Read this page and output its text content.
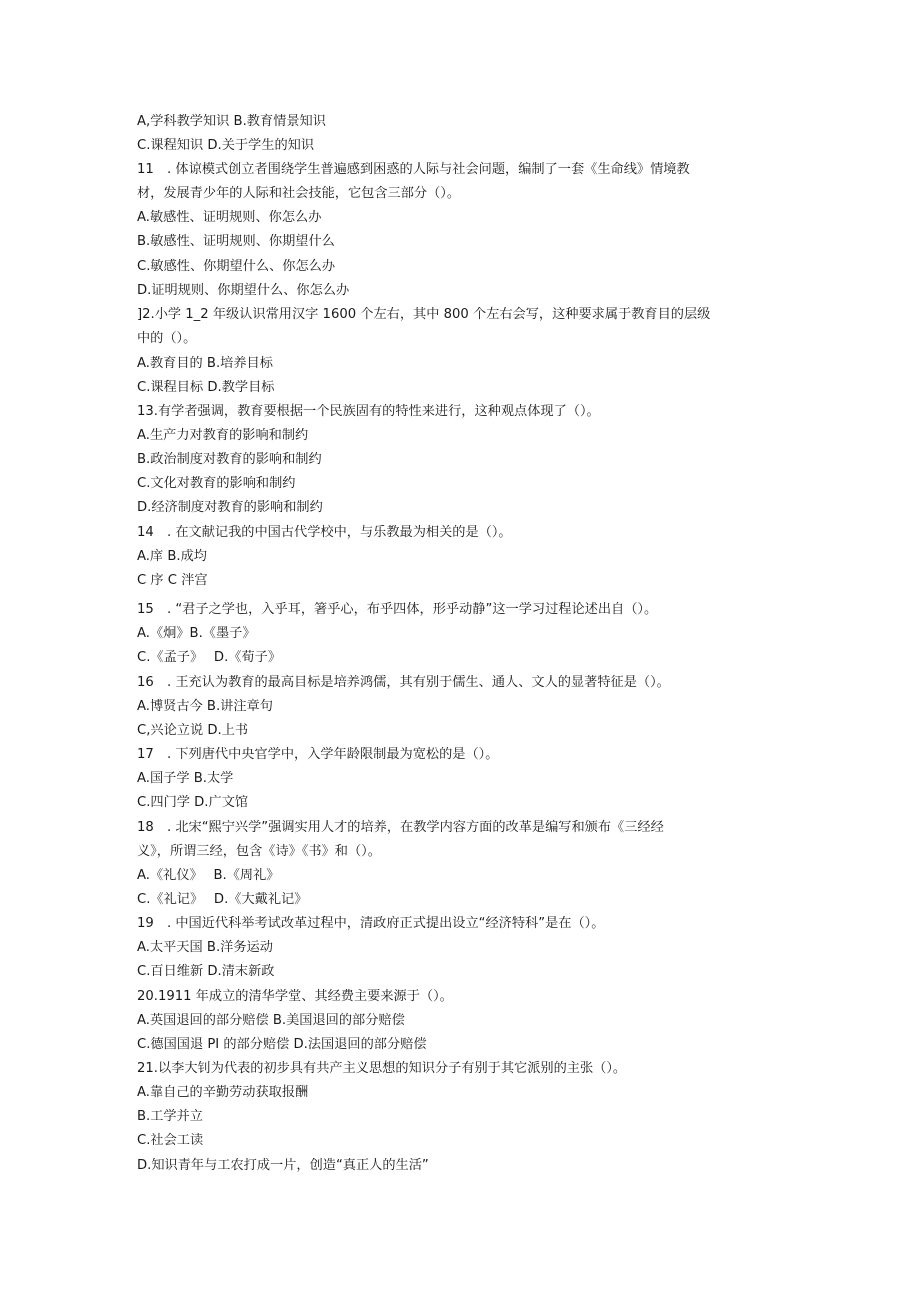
A,学科教学知识 B.教育情景知识
C.课程知识 D.关于学生的知识
11　. 体谅模式创立者围绕学生普遍感到困惑的人际与社会问题，编制了一套《生命线》情境教
材，发展青少年的人际和社会技能，它包含三部分（）。
A.敏感性、证明规则、你怎么办
B.敏感性、证明规则、你期望什么
C.敏感性、你期望什么、你怎么办
D.证明规则、你期望什么、你怎么办
]2.小学 1_2 年级认识常用汉字 1600 个左右，其中 800 个左右会写，这种要求属于教育目的层级
中的（）。
A.教育目的 B.培养目标
C.课程目标 D.教学目标
13.有学者强调，教育要根据一个民族固有的特性来进行，这种观点体现了（）。
A.生产力对教育的影响和制约
B.政治制度对教育的影响和制约
C.文化对教育的影响和制约
D.经济制度对教育的影响和制约
14　. 在文献记我的中国古代学校中，与乐教最为相关的是（）。
A.庠 B.成均
C 序 C 泮宫
15　. “君子之学也，入乎耳，箸乎心，布乎四体，形乎动静”这一学习过程论述出自（）。
A.《炯》B.《墨子》
C.《孟子》　 D.《荀子》
16　. 王充认为教育的最高目标是培养鸿儒，其有别于儒生、通人、文人的显著特征是（）。
A.博贤古今 B.讲注章句
C,兴论立说 D.上书
17　. 下列唐代中央官学中，入学年龄限制最为宽松的是（）。
A.国子学 B.太学
C.四门学 D.广文馆
18　. 北宋“熙宁兴学”强调实用人才的培养，在教学内容方面的改革是编写和颁布《三经经
义》，所谓三经，包含《诗》《书》和（）。
A.《礼仪》　 B.《周礼》
C.《礼记》　 D.《大戴礼记》
19　. 中国近代科举考试改革过程中，清政府正式提出设立“经济特科”是在（）。
A.太平天国 B.洋务运动
C.百日维新 D.清末新政
20.1911 年成立的清华学堂、其经费主要来源于（）。
A.英国退回的部分赔偿 B.美国退回的部分赔偿
C.德国国退 PI 的部分赔偿 D.法国退回的部分赔偿
21.以李大钊为代表的初步具有共产主义思想的知识分子有别于其它派别的主张（）。
A.靠自己的辛勤劳动获取报酬
B.工学并立
C.社会工读
D.知识青年与工农打成一片，创造“真正人的生活”
